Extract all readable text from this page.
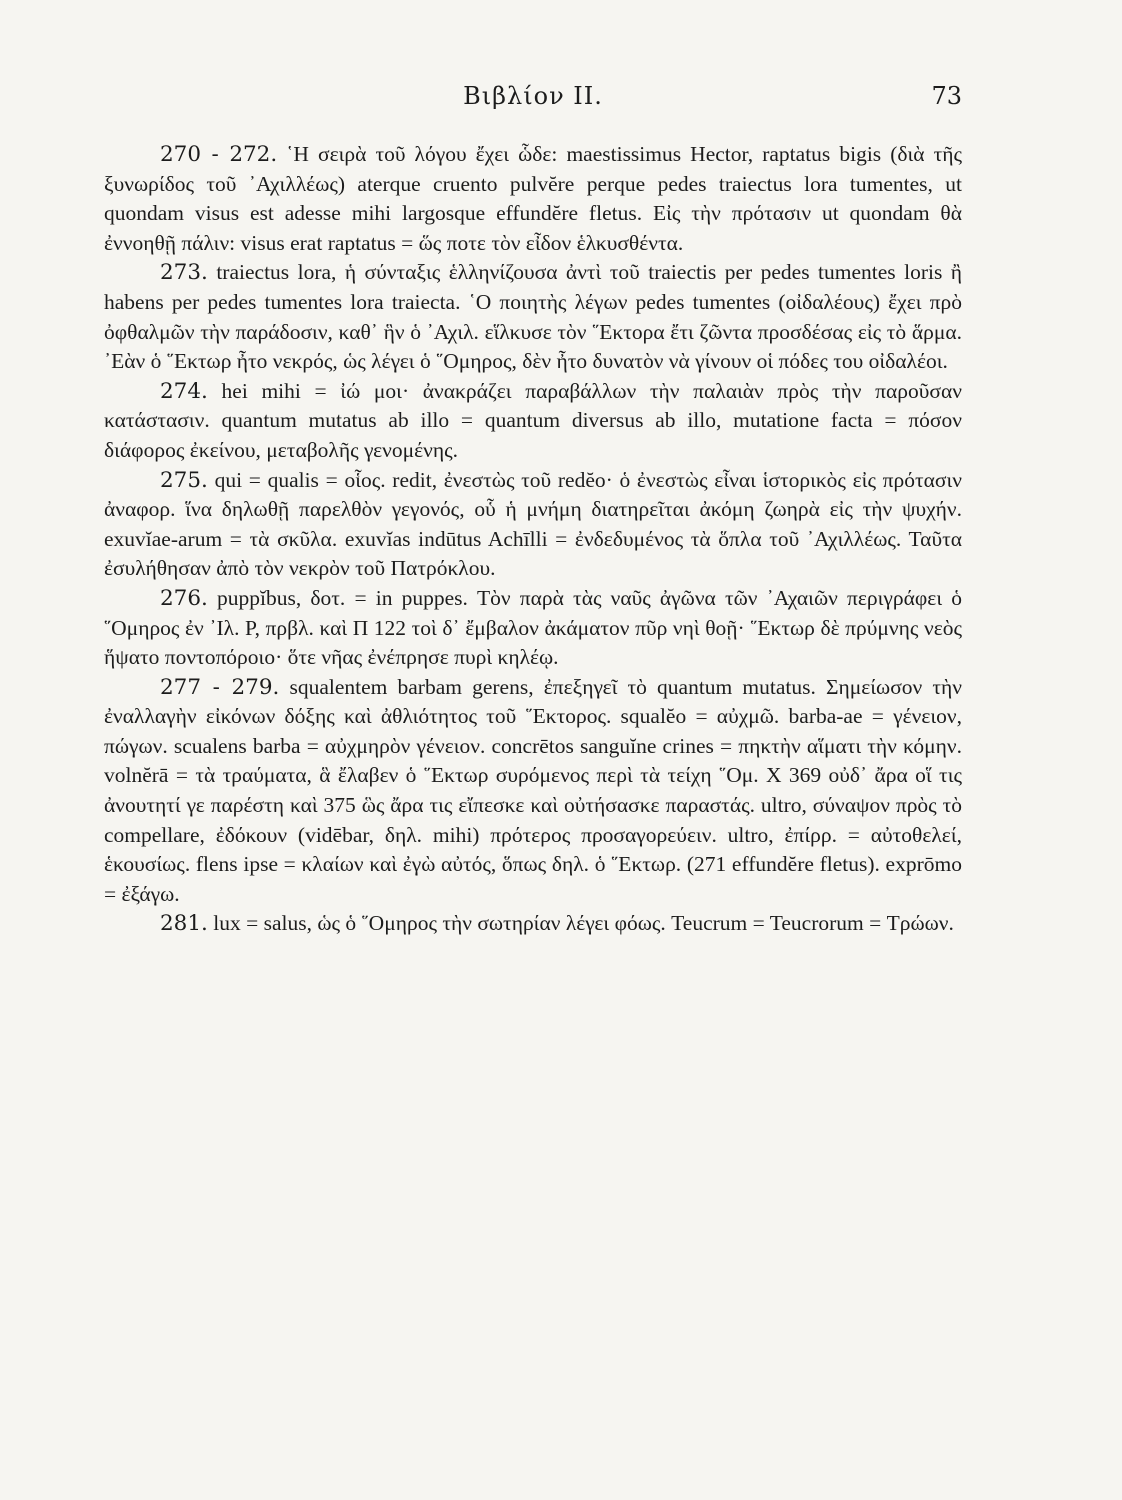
Βιβλίον II.	73

270 - 272. ῾Η σειρὰ τοῦ λόγου ἔχει ὧδε: maestissimus Hector, raptatus bigis (διὰ τῆς ξυνωρίδος τοῦ ᾿Αχιλλέως) aterque cruento pulvĕre perque pedes traiectus lora tumentes, ut quondam visus est adesse mihi largosque effundĕre fletus. Εἰς τὴν πρότασιν ut quondam θὰ ἐννοηθῇ πάλιν: visus erat raptatus = ὥς ποτε τὸν εἶδον ἑλκυσθέντα.

273. traiectus lora, ἡ σύνταξις ἑλληνίζουσα ἀντὶ τοῦ traiectis per pedes tumentes loris ἢ habens per pedes tumentes lora traiecta. ῾Ο ποιητὴς λέγων pedes tumentes (οἰδαλέους) ἔχει πρὸ ὀφθαλμῶν τὴν παράδοσιν, καθ᾿ ἣν ὁ ᾿Αχιλ. εἵλκυσε τὸν ῞Εκτορα ἔτι ζῶντα προσδέσας εἰς τὸ ἅρμα. ᾿Εὰν ὁ ῞Εκτωρ ἦτο νεκρός, ὡς λέγει ὁ ῞Ομηρος, δὲν ἦτο δυνατὸν νὰ γίνουν οἱ πόδες του οἰδαλέοι.

274. hei mihi = ἰώ μοι· ἀνακράζει παραβάλλων τὴν παλαιὰν πρὸς τὴν παροῦσαν κατάστασιν. quantum mutatus ab illo = quantum diversus ab illo, mutatione facta = πόσον διάφορος ἐκείνου, μεταβολῆς γενομένης.

275. qui = qualis = οἷος. redit, ἐνεστὼς τοῦ redĕo· ὁ ἐνεστὼς εἶναι ἱστορικὸς εἰς πρότασιν ἀναφορ. ἵνα δηλωθῇ παρελθὸν γεγονός, οὗ ἡ μνήμη διατηρεῖται ἀκόμη ζωηρὰ εἰς τὴν ψυχήν. exuvĭae-arum = τὰ σκῦλα. exuvĭas indūtus Achīlli = ἐνδεδυμένος τὰ ὅπλα τοῦ ᾿Αχιλλέως. Ταῦτα ἐσυλήθησαν ἀπὸ τὸν νεκρὸν τοῦ Πατρόκλου.

276. puppĭbus, δοτ. = in puppes. Τὸν παρὰ τὰς ναῦς ἀγῶνα τῶν ᾿Αχαιῶν περιγράφει ὁ ῞Ομηρος ἐν ᾿Ιλ. Ρ, πρβλ. καὶ Π 122 τοὶ δ᾿ ἔμβαλον ἀκάματον πῦρ νηὶ θοῇ· ῞Εκτωρ δὲ πρύμνης νεὸς ἥψατο ποντοπόροιο· ὅτε νῆας ἐνέπρησε πυρὶ κηλέῳ.

277 - 279. squalentem barbam gerens, ἐπεξηγεῖ τὸ quantum mutatus. Σημείωσον τὴν ἐναλλαγὴν εἰκόνων δόξης καὶ ἀθλιότητος τοῦ ῞Εκτορος. squalĕo = αὐχμῶ. barba-ae = γένειον, πώγων. scualens barba = αὐχμηρὸν γένειον. concrētos sanguĭne crines = πηκτὴν αἵματι τὴν κόμην. volnĕrā = τὰ τραύματα, ἃ ἔλαβεν ὁ ῞Εκτωρ συρόμενος περὶ τὰ τείχη ῞Ομ. Χ 369 οὐδ᾿ ἄρα οἵ τις ἀνουτητί γε παρέστη καὶ 375 ὣς ἄρα τις εἴπεσκε καὶ οὐτήσασκε παραστάς. ultro, σύναψον πρὸς τὸ compellare, ἐδόκουν (vidēbar, δηλ. mihi) πρότερος προσαγορεύειν. ultro, ἐπίρρ. = αὐτοθελεί, ἑκουσίως. flens ipse = κλαίων καὶ ἐγὼ αὐτός, ὅπως δηλ. ὁ ῞Εκτωρ. (271 effundĕre fletus). exprōmo = ἐξάγω.

281. lux = salus, ὡς ὁ ῞Ομηρος τὴν σωτηρίαν λέγει φόως. Teucrum = Teucrorum = Τρώων.
